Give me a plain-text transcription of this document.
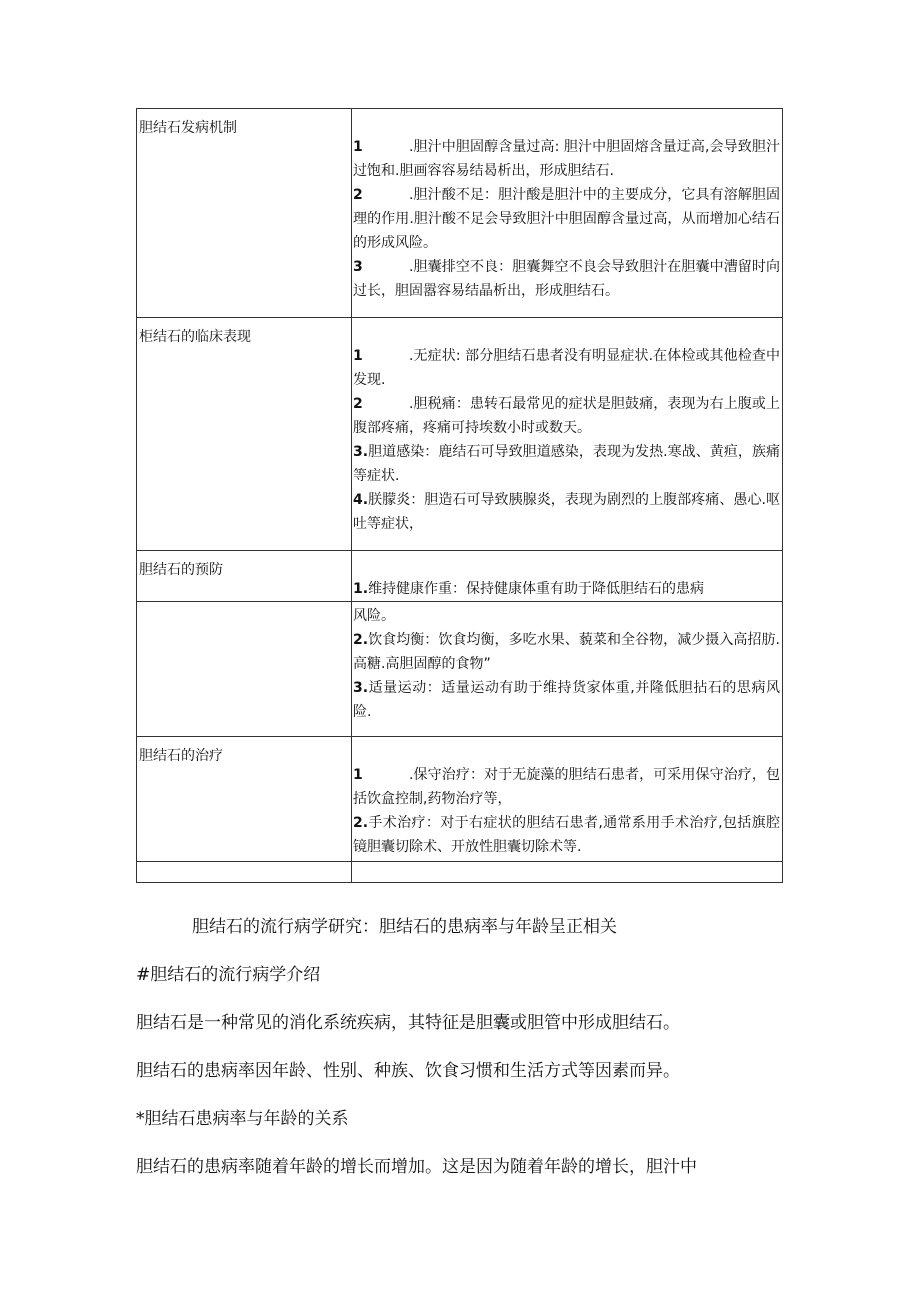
胆结石发病机制	1 .胆汁中胆固醇含量过高: 胆汁中胆固熔含量迂高,会导致胆汁过饱和.胆画容容易结曷析出，形成胆结石.

2 .胆汁酸不足：胆汁酸是胆汁中的主要成分，它具有溶解胆固理的作用.胆汁酸不足会导致胆汁中胆固醇含量过高，从而增加心结石的形成风险。

3 .胆囊排空不良：胆囊舞空不良会导致胆汁在胆囊中漕留时向过长，胆固嚣容易结晶析出，形成胆结石。

柜结石的临床表现	1 .无症状: 部分胆结石患者没有明显症状.在体检或其他检查中发现.

2 .胆税痛：患转石最常见的症状是胆鼓痛，表现为右上腹或上腹部疼痛，疼痛可持埃数小时或数天。

3.胆道感染：鹿结石可导致胆道感染，表现为发热.寒战、黄疸，族痛等症状.

4.朕朦炎：胆造石可导致胰腺炎，表现为剧烈的上腹部疼痛、愚心.呕吐等症状，

胆结石的预防	1.维持健康作重：保持健康体重有助于降低胆结石的患病

	风险。

2.饮食均衡：饮食均衡，多吃水果、藐菜和全谷物，减少摄入高招肪.高糖.高胆固醇的食物”

3.适量运动：适量运动有助于维持货家体重,并隆低胆拈石的思病风险.

胆结石的治疗	1 .保守治疗：对于无旋藻的胆结石患者，可采用保守治疗，包括饮盒控制,药物治疗等，

2.手术治疗：对于右症状的胆结石患者,通常系用手术治疗,包括旗腔镜胆囊切除术、开放性胆囊切除术等.

胆结石的流行病学研究：胆结石的患病率与年龄呈正相关

#胆结石的流行病学介绍

胆结石是一种常见的消化系统疾病，其特征是胆囊或胆管中形成胆结石。

胆结石的患病率因年龄、性别、种族、饮食习惯和生活方式等因素而异。

*胆结石患病率与年龄的关系

胆结石的患病率随着年龄的增长而增加。这是因为随着年龄的增长，胆汁中
